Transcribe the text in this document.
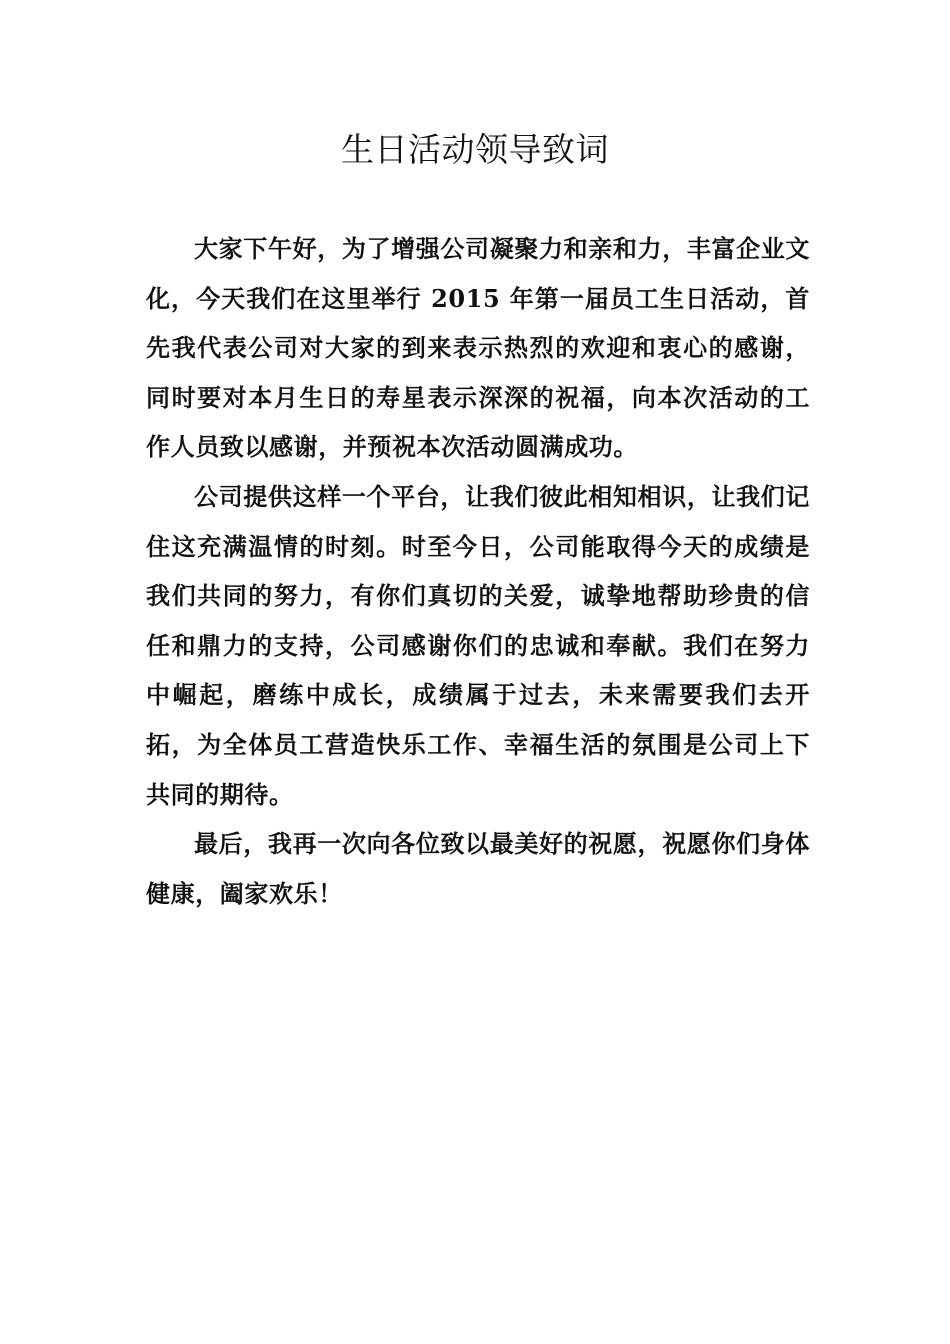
生日活动领导致词

大家下午好，为了增强公司凝聚力和亲和力，丰富企业文化，今天我们在这里举行 2015 年第一届员工生日活动，首先我代表公司对大家的到来表示热烈的欢迎和衷心的感谢，同时要对本月生日的寿星表示深深的祝福，向本次活动的工作人员致以感谢，并预祝本次活动圆满成功。

公司提供这样一个平台，让我们彼此相知相识，让我们记住这充满温情的时刻。时至今日，公司能取得今天的成绩是我们共同的努力，有你们真切的关爱，诚挚地帮助珍贵的信任和鼎力的支持，公司感谢你们的忠诚和奉献。我们在努力中崛起，磨练中成长，成绩属于过去，未来需要我们去开拓，为全体员工营造快乐工作、幸福生活的氛围是公司上下共同的期待。

最后，我再一次向各位致以最美好的祝愿，祝愿你们身体健康，阖家欢乐！
